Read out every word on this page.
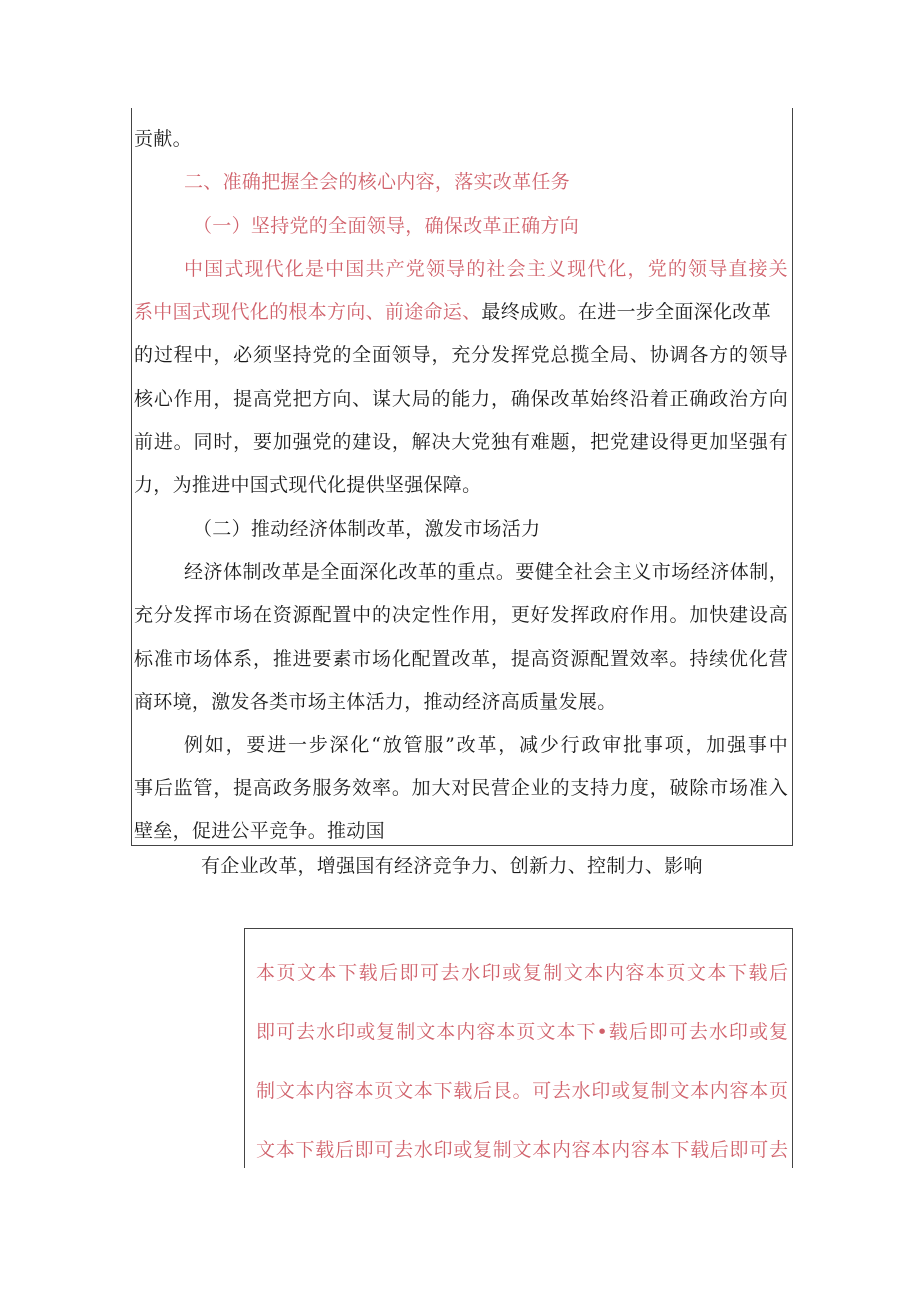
贡献。
二、准确把握全会的核心内容，落实改革任务
（一）坚持党的全面领导，确保改革正确方向
中国式现代化是中国共产党领导的社会主义现代化，党的领导直接关
系中国式现代化的根本方向、前途命运、最终成败。在进一步全面深化改革
的过程中，必须坚持党的全面领导，充分发挥党总揽全局、协调各方的领导
核心作用，提高党把方向、谋大局的能力，确保改革始终沿着正确政治方向
前进。同时，要加强党的建设，解决大党独有难题，把党建设得更加坚强有
力，为推进中国式现代化提供坚强保障。
（二）推动经济体制改革，激发市场活力
经济体制改革是全面深化改革的重点。要健全社会主义市场经济体制，
充分发挥市场在资源配置中的决定性作用，更好发挥政府作用。加快建设高
标准市场体系，推进要素市场化配置改革，提高资源配置效率。持续优化营
商环境，激发各类市场主体活力，推动经济高质量发展。
例如，要进一步深化“放管服”改革，减少行政审批事项，加强事中
事后监管，提高政务服务效率。加大对民营企业的支持力度，破除市场准入
壁垒，促进公平竞争。推动国
有企业改革，增强国有经济竞争力、创新力、控制力、影响
本页文本下载后即可去水印或复制文本内容本页文本下载后
即可去水印或复制文本内容本页文本下•载后即可去水印或复
制文本内容本页文本下载后艮。可去水印或复制文本内容本页
文本下载后即可去水印或复制文本内容本内容本下载后即可去
